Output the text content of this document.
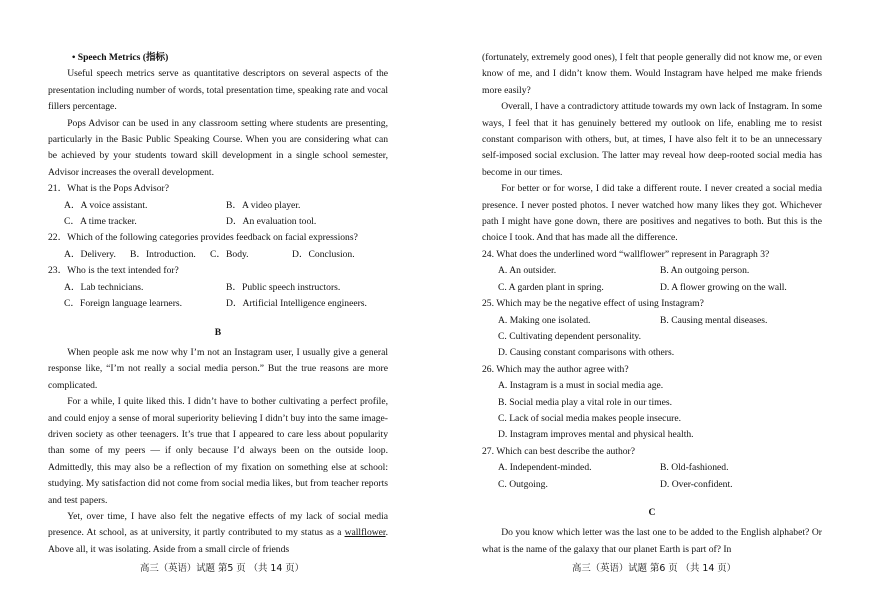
• Speech Metrics (指标)

Useful speech metrics serve as quantitative descriptors on several aspects of the presentation including number of words, total presentation time, speaking rate and vocal fillers percentage.

Pops Advisor can be used in any classroom setting where students are presenting, particularly in the Basic Public Speaking Course. When you are considering what can be achieved by your students toward skill development in a single school semester, Advisor increases the overall development.

21．What is the Pops Advisor?

A．A voice assistant.	B．A video player.
C．A time tracker.	D．An evaluation tool.

22．Which of the following categories provides feedback on facial expressions?

A．Delivery.	B．Introduction.	C．Body.	D．Conclusion.

23．Who is the text intended for?

A．Lab technicians.	B．Public speech instructors.
C．Foreign language learners.	D．Artificial Intelligence engineers.

B

When people ask me now why I’m not an Instagram user, I usually give a general response like, “I’m not really a social media person.” But the true reasons are more complicated.

For a while, I quite liked this. I didn’t have to bother cultivating a perfect profile, and could enjoy a sense of moral superiority believing I didn’t buy into the same image-driven society as other teenagers. It’s true that I appeared to care less about popularity than some of my peers — if only because I’d always been on the outside loop. Admittedly, this may also be a reflection of my fixation on something else at school: studying. My satisfaction did not come from social media likes, but from teacher reports and test papers.

Yet, over time, I have also felt the negative effects of my lack of social media presence. At school, as at university, it partly contributed to my status as a wallflower. Above all, it was isolating. Aside from a small circle of friends

(fortunately, extremely good ones), I felt that people generally did not know me, or even know of me, and I didn’t know them. Would Instagram have helped me make friends more easily?

Overall, I have a contradictory attitude towards my own lack of Instagram. In some ways, I feel that it has genuinely bettered my outlook on life, enabling me to resist constant comparison with others, but, at times, I have also felt it to be an unnecessary self-imposed social exclusion. The latter may reveal how deep-rooted social media has become in our times.

For better or for worse, I did take a different route. I never created a social media presence. I never posted photos. I never watched how many likes they got. Whichever path I might have gone down, there are positives and negatives to both. But this is the choice I took. And that has made all the difference.

24. What does the underlined word “wallflower” represent in Paragraph 3?

A. An outsider.	B. An outgoing person.
C. A garden plant in spring.	D. A flower growing on the wall.

25. Which may be the negative effect of using Instagram?

A. Making one isolated.	B. Causing mental diseases.

C. Cultivating dependent personality.

D. Causing constant comparisons with others.

26. Which may the author agree with?

A. Instagram is a must in social media age.

B. Social media play a vital role in our times.

C. Lack of social media makes people insecure.

D. Instagram improves mental and physical health.

27. Which can best describe the author?

A. Independent-minded.	B. Old-fashioned.
C. Outgoing.	D. Over-confident.

C

Do you know which letter was the last one to be added to the English alphabet? Or what is the name of the galaxy that our planet Earth is part of? In

高三（英语）试题 第5 页 （共 14 页）	高三（英语）试题 第6 页 （共 14 页）
